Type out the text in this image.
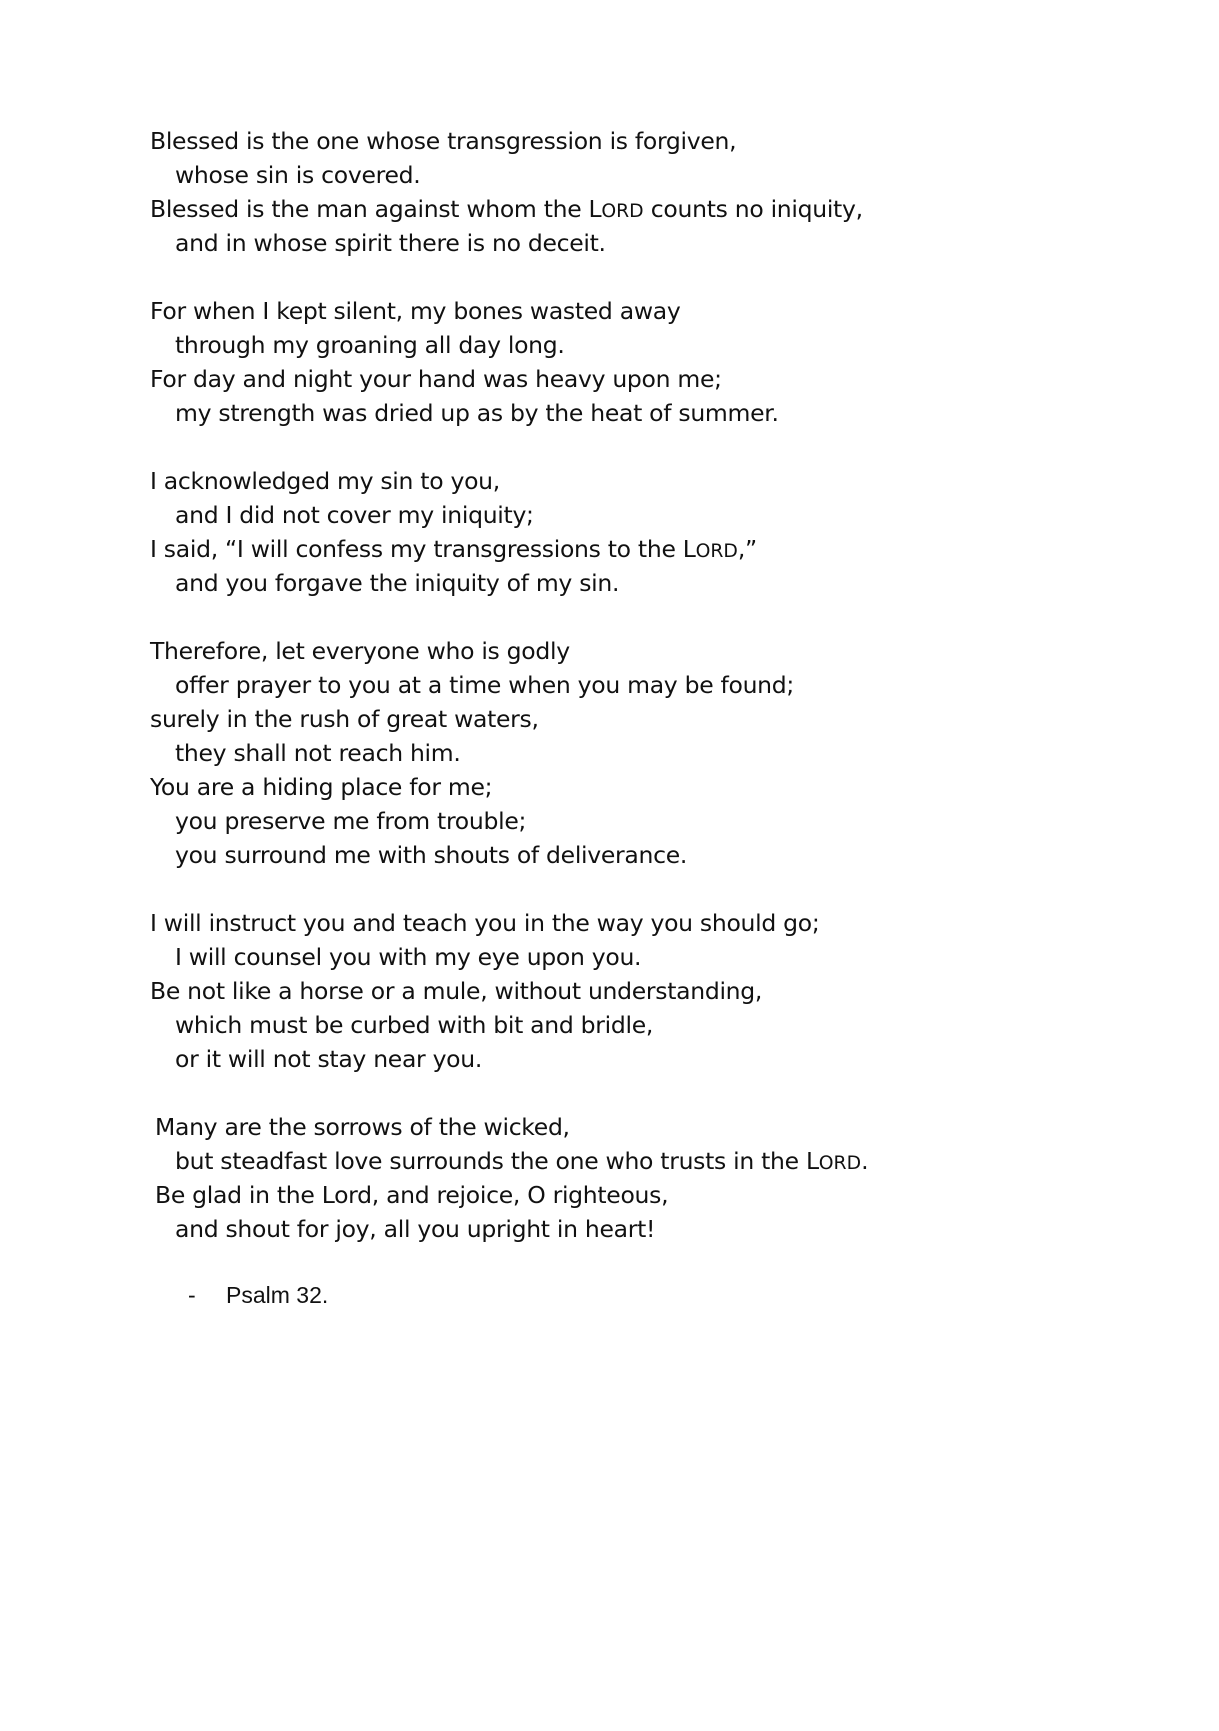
Blessed is the one whose transgression is forgiven,
whose sin is covered.
Blessed is the man against whom the LORD counts no iniquity,
and in whose spirit there is no deceit.
For when I kept silent, my bones wasted away
through my groaning all day long.
For day and night your hand was heavy upon me;
my strength was dried up as by the heat of summer.
I acknowledged my sin to you,
and I did not cover my iniquity;
I said, “I will confess my transgressions to the LORD,”
and you forgave the iniquity of my sin.
Therefore, let everyone who is godly
offer prayer to you at a time when you may be found;
surely in the rush of great waters,
they shall not reach him.
You are a hiding place for me;
you preserve me from trouble;
you surround me with shouts of deliverance.
I will instruct you and teach you in the way you should go;
I will counsel you with my eye upon you.
Be not like a horse or a mule, without understanding,
which must be curbed with bit and bridle,
or it will not stay near you.
Many are the sorrows of the wicked,
but steadfast love surrounds the one who trusts in the LORD.
Be glad in the Lord, and rejoice, O righteous,
and shout for joy, all you upright in heart!
- Psalm 32.
